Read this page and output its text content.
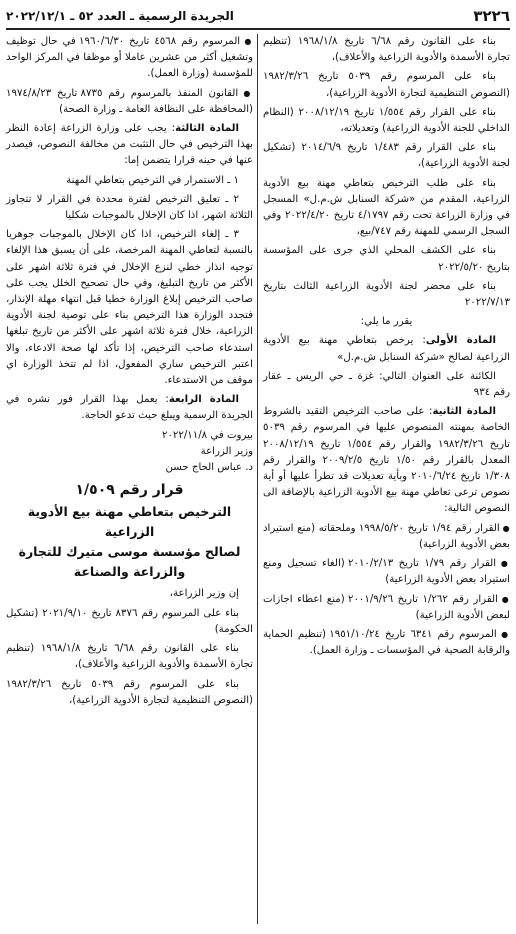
٣٢٢٦
الجريدة الرسمية ـ العدد ٥٢ ـ ٢٠٢٢/١٢/١

بناء على القانون رقم ٦/٦٨ تاريخ ١٩٦٨/١/٨ (تنظيم تجارة الأسمدة والأدوية الزراعية والأعلاف)،

بناء على المرسوم رقم ٥٠٣٩ تاريخ ١٩٨٢/٣/٢٦ (النصوص التنظيمية لتجارة الأدوية الزراعية)،

بناء على القرار رقم ١/٥٥٤ تاريخ ٢٠٠٨/١٢/١٩ (النظام الداخلي للجنة الأدوية الزراعية) وتعديلاته،

بناء على القرار رقم ١/٤٨٣ تاريخ ٢٠١٤/٦/٩ (تشكيل لجنة الأدوية الزراعية)،

بناء على طلب الترخيص بتعاطي مهنة بيع الأدوية الزراعية، المقدم من «شركة السنابل ش.م.ل» المسجل في وزارة الزراعة تحت رقم ٤/١٧٩٧ تاريخ ٢٠٢٢/٤/٢٠ وفي السجل الرسمي للمهنة رقم ٧٤٧/بيع،

بناء على الكشف المحلي الذي جرى على المؤسسة بتاريخ ٢٠٢٢/٥/٢٠

بناء على محضر لجنة الأدوية الزراعية الثالث بتاريخ ٢٠٢٢/٧/١٣

يقرر ما يلي:

المادة الأولى: يرخص بتعاطي مهنة بيع الأدوية الزراعية لصالح «شركة السنابل ش.م.ل»

الكائنة على العنوان التالي: غزة ـ حي الريس ـ عقار رقم ٩٣٤

المادة الثانية: على صاحب الترخيص التقيد بالشروط الخاصة بمهنته المنصوص عليها في المرسوم رقم ٥٠٣٩ تاريخ ١٩٨٢/٣/٢٦ والقرار رقم ١/٥٥٤ تاريخ ٢٠٠٨/١٢/١٩ المعدل بالقرار رقم ١/٥٠ تاريخ ٢٠٠٩/٢/٥ والقرار رقم ١/٣٠٨ تاريخ ٢٠١٠/٦/٢٤ وبأية تعديلات قد تطرأ عليها أو أية نصوص ترعى تعاطي مهنة بيع الأدوية الزراعية بالإضافة الى النصوص التالية:

● القرار رقم ١/٩٤ تاريخ ١٩٩٨/٥/٢٠ وملحقاته (منع استيراد بعض الأدوية الزراعية)

● القرار رقم ١/٧٩ تاريخ ٢٠١٠/٢/١٣ (الغاء تسجيل ومنع استيراد بعض الأدوية الزراعية)

● القرار رقم ١/٢٦٢ تاريخ ٢٠٠١/٩/٢٦ (منع اعطاء اجازات لبعض الأدوية الزراعية)

● المرسوم رقم ٦٣٤١ تاريخ ١٩٥١/١٠/٢٤ (تنظيم الحماية والرقابة الصحية في المؤسسات ـ وزارة العمل).

● المرسوم رقم ٤٥٦٨ تاريخ ١٩٦٠/٦/٣٠ في حال توظيف وتشغيل أكثر من عشرين عاملا أو موظفا في المركز الواحد للمؤسسة (وزارة العمل).

● القانون المنفذ بالمرسوم رقم ٨٧٣٥ تاريخ ١٩٧٤/٨/٢٣ (المحافظة على النظافة العامة ـ وزارة الصحة)

المادة الثالثة: يجب على وزارة الزراعة إعادة النظر بهذا الترخيص في حال التثبت من مخالفة النصوص، فيصدر عنها في حينه قرارا يتضمن إما:

١ ـ الاستمرار في الترخيص بتعاطي المهنة

٢ ـ تعليق الترخيص لفترة محددة في القرار لا تتجاوز الثلاثة اشهر، اذا كان الإخلال بالموجبات شكليا

٣ ـ إلغاء الترخيص، اذا كان الإخلال بالموجبات جوهريا بالنسبة لتعاطي المهنة المرخصة، على أن يسبق هذا الإلغاء توجيه انذار خطي لنزع الإخلال في فترة ثلاثة اشهر على الأكثر من تاريخ التبليغ، وفي حال تصحيح الخلل يجب على صاحب الترخيص إبلاغ الوزارة خطيا قبل انتهاء مهلة الإنذار، فتجدد الوزارة هذا الترخيص بناء على توصية لجنة الأدوية الزراعية، خلال فترة ثلاثة اشهر على الأكثر من تاريخ تبلغها استدعاء صاحب الترخيص، إذا تأكد لها صحة الادعاء، والا اعتبر الترخيص ساري المفعول، اذا لم تتخذ الوزارة اي موقف من الاستدعاء.

المادة الرابعة: يعمل بهذا القرار فور نشره في الجريدة الرسمية ويبلغ حيث تدعو الحاجة.

بيروت في ٢٠٢٢/١١/٨

وزير الزراعة

د. عباس الحاج حسن

قرار رقم ١/٥٠٩
الترخيص بتعاطي مهنة بيع الأدوية الزراعية
لصالح مؤسسة موسى متيرك للتجارة
والزراعة والصناعة

إن وزير الزراعة،

بناء على المرسوم رقم ٨٣٧٦ تاريخ ٢٠٢١/٩/١٠ (تشكيل الحكومة)

بناء على القانون رقم ٦/٦٨ تاريخ ١٩٦٨/١/٨ (تنظيم تجارة الأسمدة والأدوية الزراعية والأعلاف)،

بناء على المرسوم رقم ٥٠٣٩ تاريخ ١٩٨٢/٣/٢٦ (النصوص التنظيمية لتجارة الأدوية الزراعية)،
